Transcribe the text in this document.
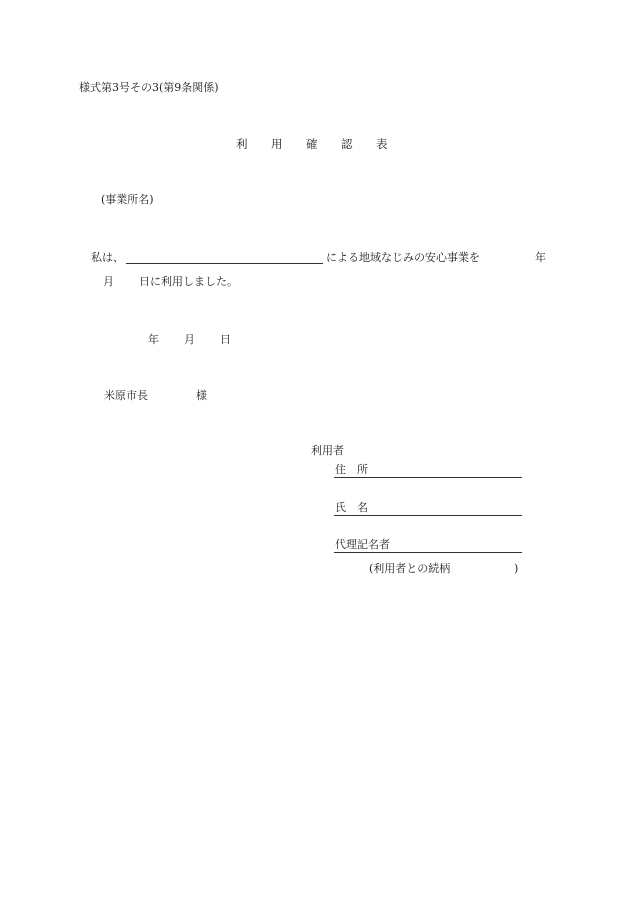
様式第3号その3(第9条関係)
利 用 確 認 表
(事業所名)
私は、	による地域なじみの安心事業を	年
月 日に利用しました。
年 月 日
米原市長	様
利用者
住　所
氏　名
代理記名者
(利用者との続柄	)
